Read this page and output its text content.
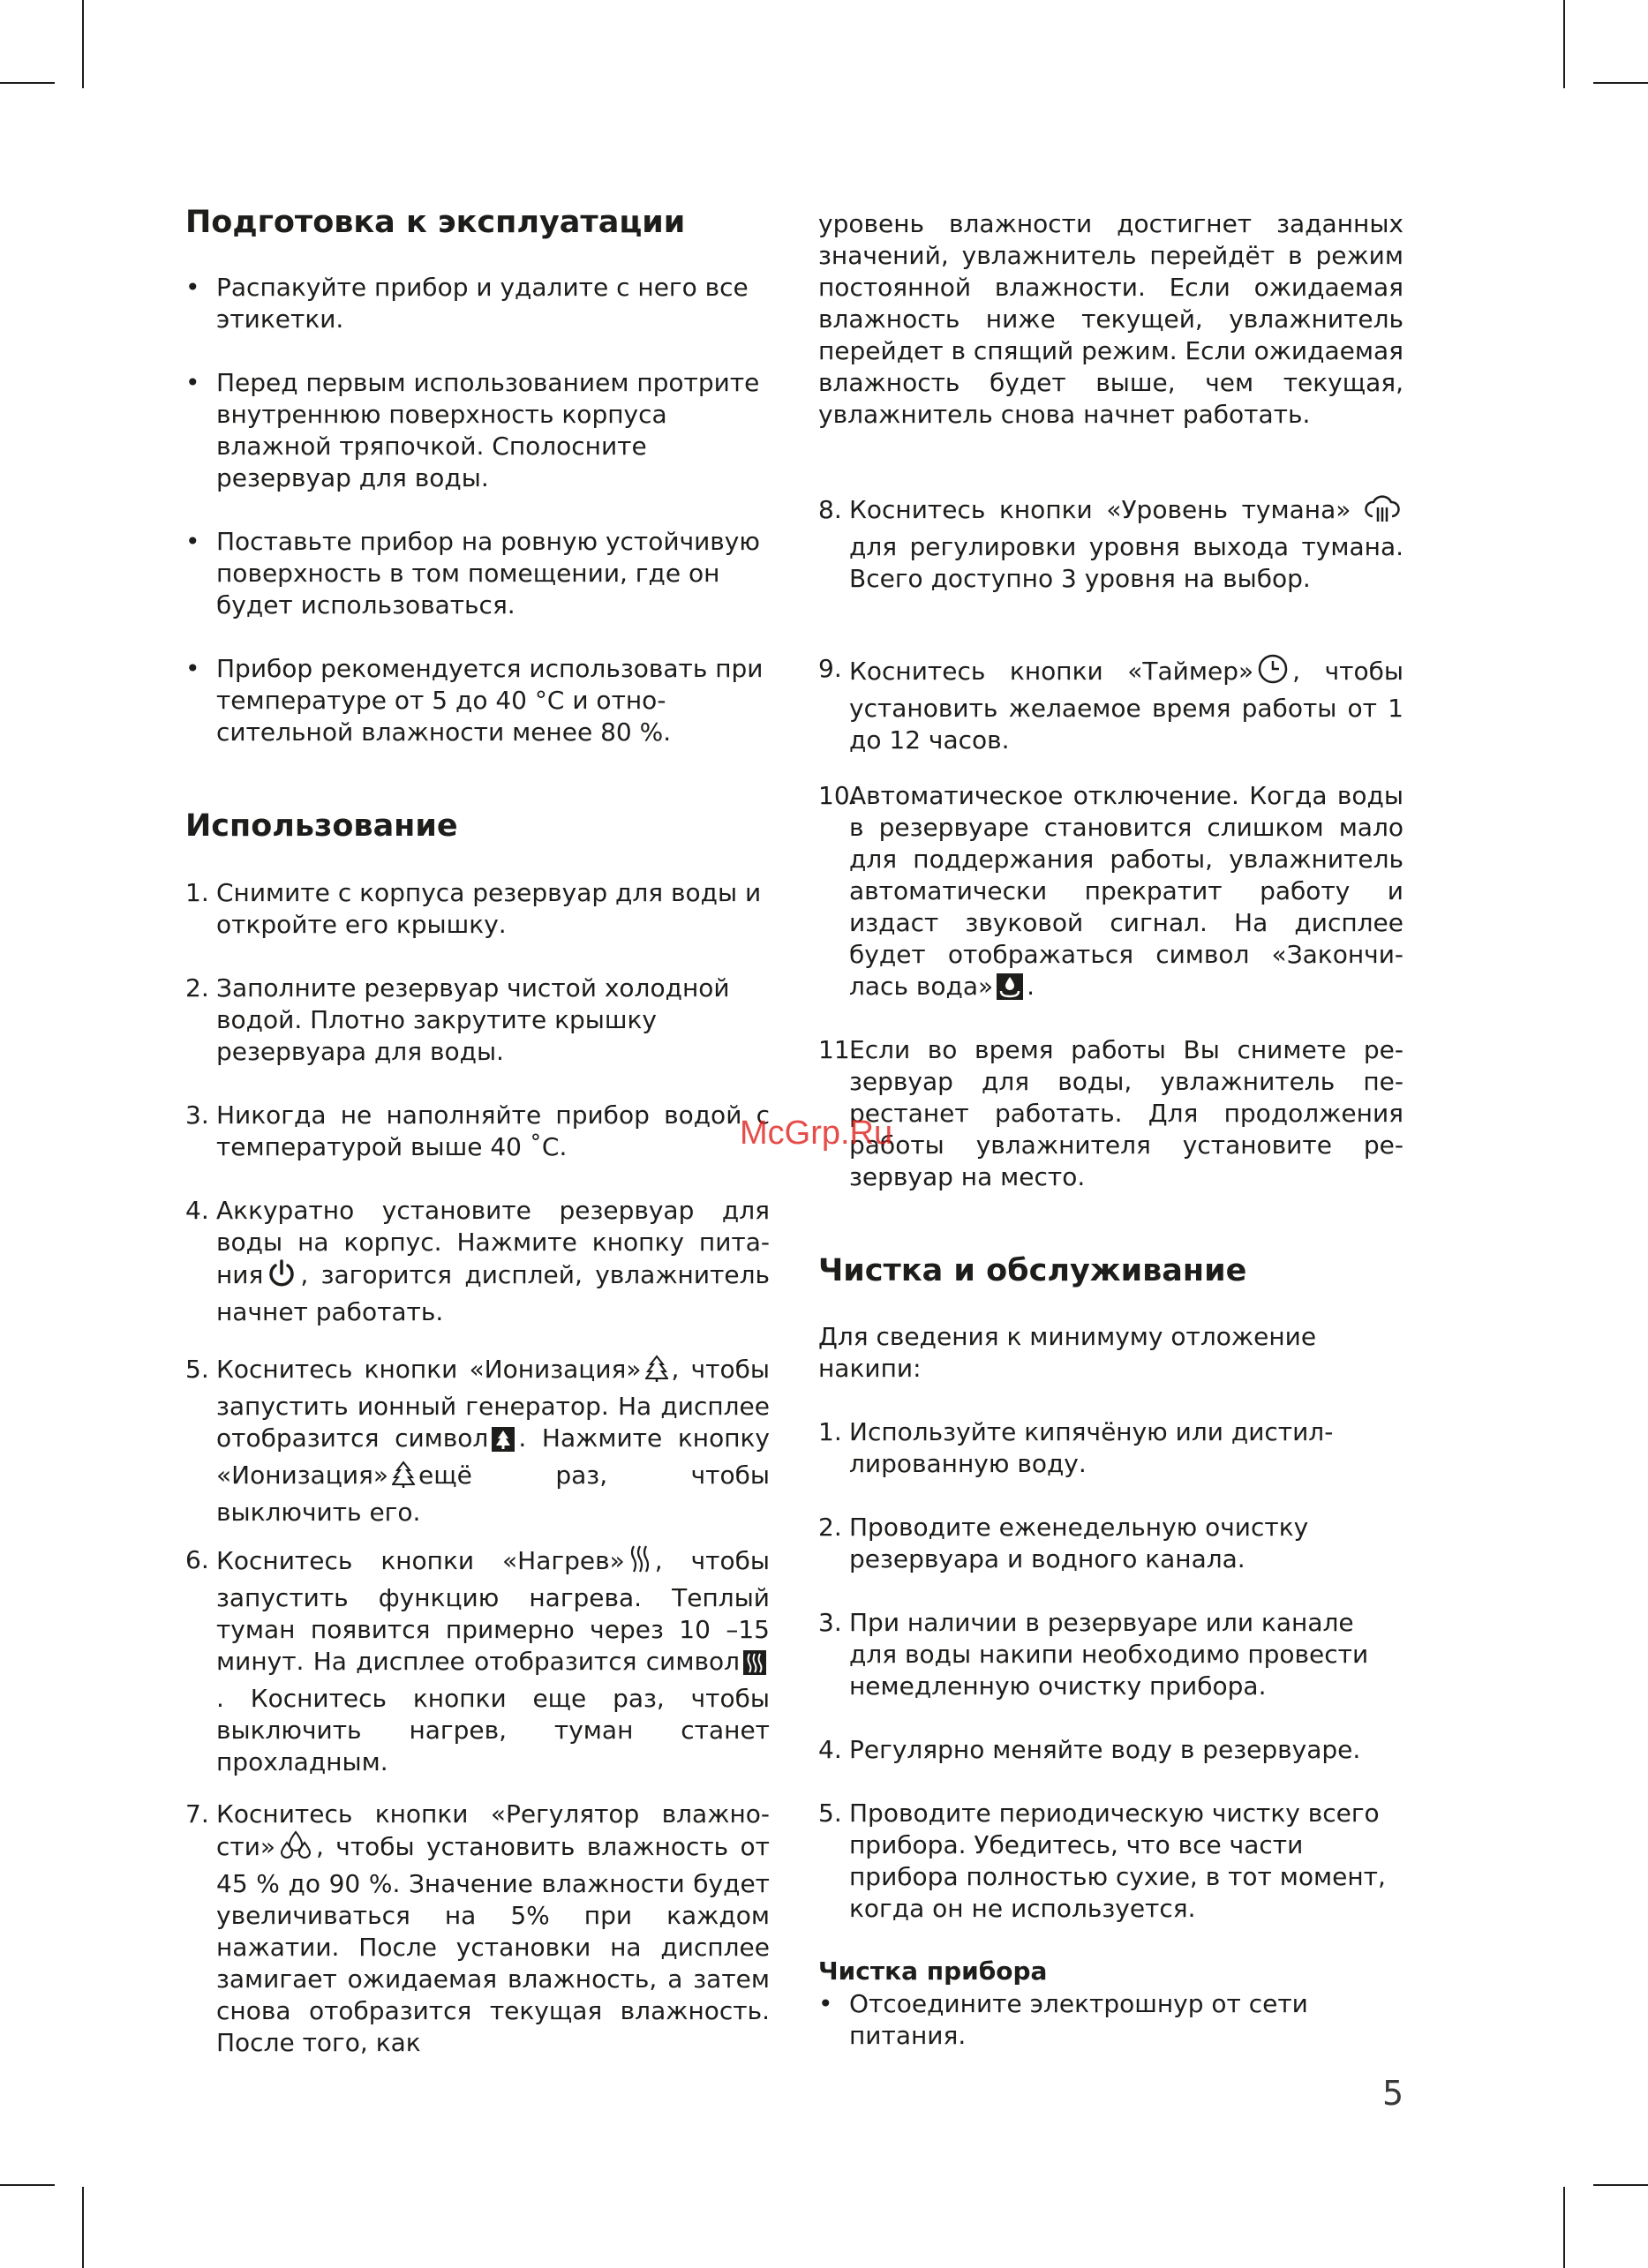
Подготовка к эксплуатации
• Распакуйте прибор и удалите с него все этикетки.

• Перед первым использованием протрите внутреннюю поверхность корпуса влажной тряпочкой. Сполосните резервуар для воды.

• Поставьте прибор на ровную устойчивую поверхность в том помещении, где он будет использоваться.

• Прибор рекомендуется использовать при температуре от 5 до 40 °С и относительной влажности менее 80 %.

Использование
1. Снимите с корпуса резервуар для воды и откройте его крышку.

2. Заполните резервуар чистой холодной водой. Плотно закрутите крышку резервуара для воды.

3. Никогда не наполняйте прибор водой с температурой выше 40 ˚С.

4. Аккуратно установите резервуар для воды на корпус. Нажмите кнопку питания , загорится дисплей, увлажнитель начнет работать.

5. Коснитесь кнопки «Ионизация» , чтобы запустить ионный генератор. На дисплее отобразится символ . Нажмите кнопку «Ионизация» ещё раз, чтобы выключить его.

6. Коснитесь кнопки «Нагрев» , чтобы запустить функцию нагрева. Теплый туман появится примерно через 10 –15 минут. На дисплее отобразится символ. Коснитесь кнопки еще раз, чтобы выключить нагрев, туман станет прохладным.

7. Коснитесь кнопки «Регулятор влажности» , чтобы установить влажность от 45 % до 90 %. Значение влажности будет увеличиваться на 5% при каждом нажатии. После установки на дисплее замигает ожидаемая влажность, а затем снова отобразится текущая влажность. После того, как

уровень влажности достигнет заданных значений, увлажнитель перейдёт в режим постоянной влажности. Если ожидаемая влажность ниже текущей, увлажнитель перейдет в спящий режим. Если ожидаемая влажность будет выше, чем текущая, увлажнитель снова начнет работать.

8. Коснитесь кнопки «Уровень тумана» для регулировки уровня выхода тумана. Всего доступно 3 уровня на выбор.

9. Коснитесь кнопки «Таймер» , чтобы установить желаемое время работы от 1 до 12 часов.

10.

Автоматическое отключение. Когда воды в резервуаре становится слишком мало для поддержания работы, увлажнитель автоматически прекратит работу и издаст звуковой сигнал. На дисплее будет отображаться символ «Закончилась вода» .

11.

Если во время работы Вы снимете резервуар для воды, увлажнитель перестанет работать. Для продолжения работы увлажнителя установите резервуар на место.

Чистка и обслуживание

Для сведения к минимуму отложение накипи:

1. Используйте кипячёную или дистиллированную воду.

2. Проводите еженедельную очистку резервуара и водного канала.

3. При наличии в резервуаре или канале для воды накипи необходимо провести немедленную очистку прибора.

4. Регулярно меняйте воду в резервуаре.

5. Проводите периодическую чистку всего прибора. Убедитесь, что все части прибора полностью сухие, в тот момент, когда он не используется.

Чистка прибора
• Отсоедините электрошнур от сети питания.

McGrp.Ru
5
